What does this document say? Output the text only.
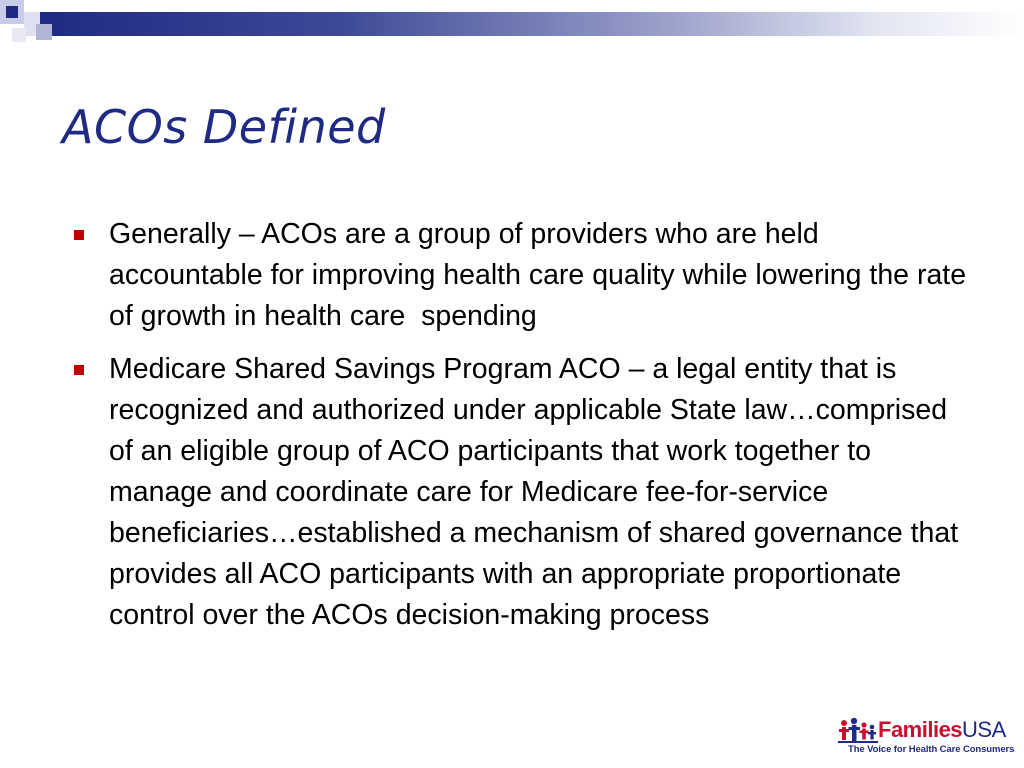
ACOs Defined
Generally – ACOs are a group of providers who are held accountable for improving health care quality while lowering the rate of growth in health care  spending
Medicare Shared Savings Program ACO – a legal entity that is recognized and authorized under applicable State law…comprised of an eligible group of ACO participants that work together to manage and coordinate care for Medicare fee-for-service beneficiaries…established a mechanism of shared governance that provides all ACO participants with an appropriate proportionate control over the ACOs decision-making process
FamiliesUSA
The Voice for Health Care Consumers
